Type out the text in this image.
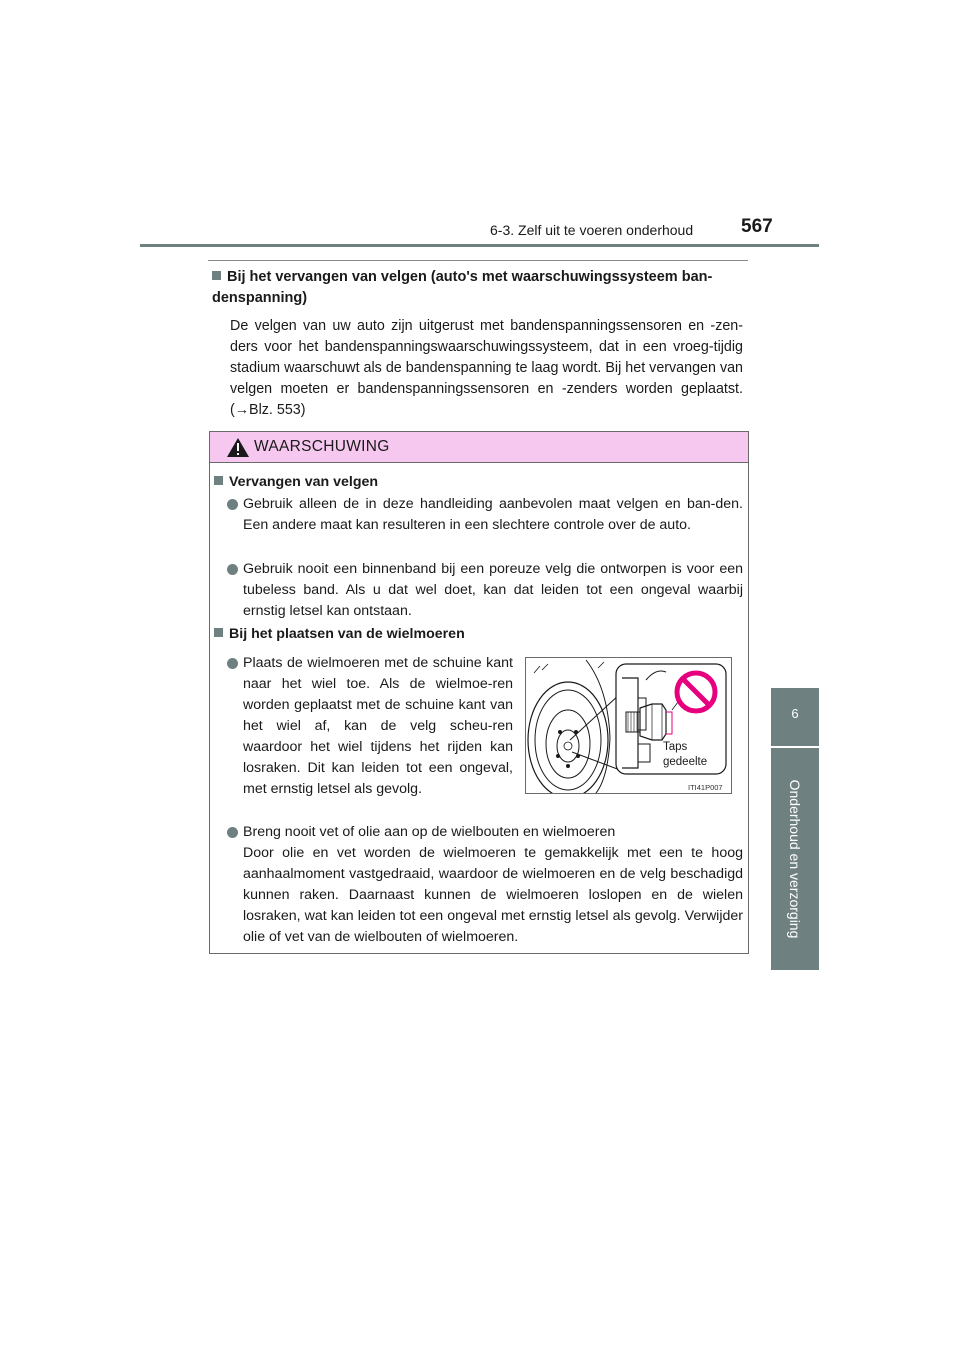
6-3. Zelf uit te voeren onderhoud	567
6
Onderhoud en verzorging
Bij het vervangen van velgen (auto's met waarschuwingssysteem ban-denspanning)
De velgen van uw auto zijn uitgerust met bandenspanningssensoren en -zen-ders voor het bandenspanningswaarschuwingssysteem, dat in een vroeg-tijdig stadium waarschuwt als de bandenspanning te laag wordt. Bij het vervangen van velgen moeten er bandenspanningssensoren en -zenders worden geplaatst. (→Blz. 553)
WAARSCHUWING
Vervangen van velgen
Gebruik alleen de in deze handleiding aanbevolen maat velgen en ban-den. Een andere maat kan resulteren in een slechtere controle over de auto.
Gebruik nooit een binnenband bij een poreuze velg die ontworpen is voor een tubeless band. Als u dat wel doet, kan dat leiden tot een ongeval waarbij ernstig letsel kan ontstaan.
Bij het plaatsen van de wielmoeren
Plaats de wielmoeren met de schuine kant naar het wiel toe. Als de wielmoe-ren worden geplaatst met de schuine kant van het wiel af, kan de velg scheu-ren waardoor het wiel tijdens het rijden kan losraken. Dit kan leiden tot een ongeval, met ernstig letsel als gevolg.
Breng nooit vet of olie aan op de wielbouten en wielmoeren
Door olie en vet worden de wielmoeren te gemakkelijk met een te hoog aanhaalmoment vastgedraaid, waardoor de wielmoeren en de velg beschadigd kunnen raken. Daarnaast kunnen de wielmoeren loslopen en de wielen losraken, wat kan leiden tot een ongeval met ernstig letsel als gevolg. Verwijder olie of vet van de wielbouten of wielmoeren.
Taps
gedeelte
ITI41P007
